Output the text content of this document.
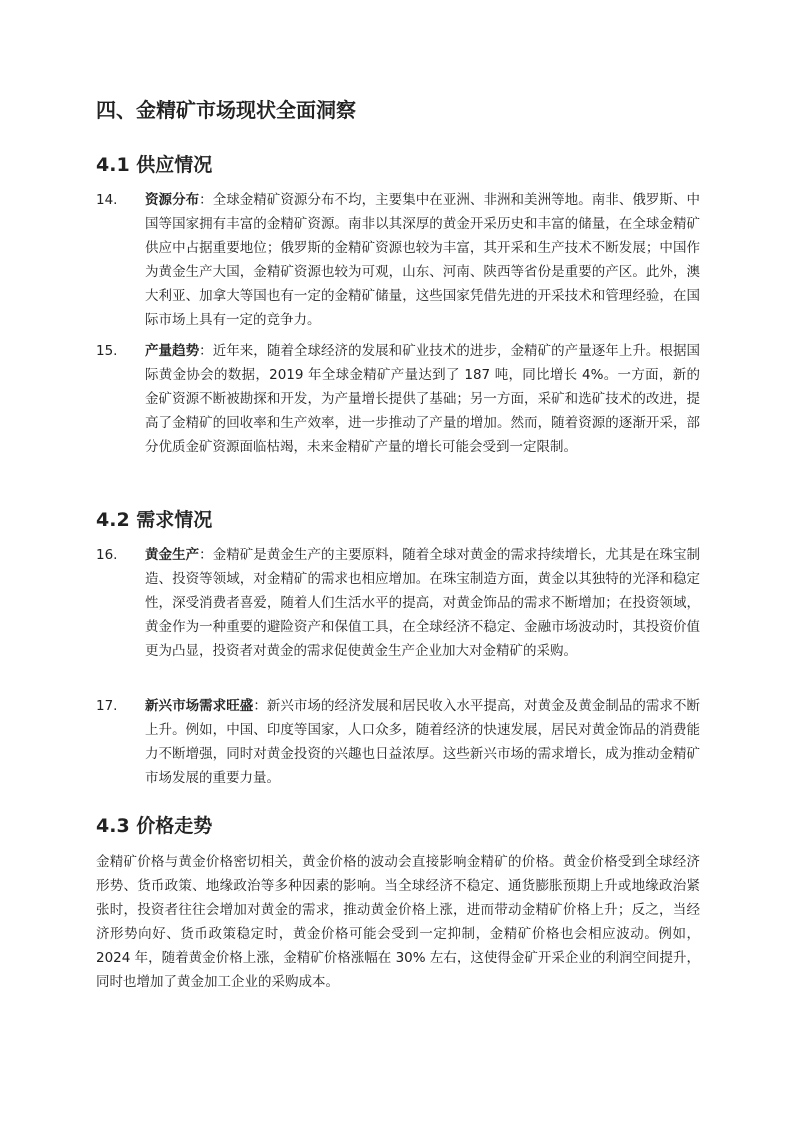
四、金精矿市场现状全面洞察
4.1 供应情况
14.	资源分布：全球金精矿资源分布不均，主要集中在亚洲、非洲和美洲等地。南非、俄罗斯、中国等国家拥有丰富的金精矿资源。南非以其深厚的黄金开采历史和丰富的储量，在全球金精矿供应中占据重要地位；俄罗斯的金精矿资源也较为丰富，其开采和生产技术不断发展；中国作为黄金生产大国，金精矿资源也较为可观，山东、河南、陕西等省份是重要的产区。此外，澳大利亚、加拿大等国也有一定的金精矿储量，这些国家凭借先进的开采技术和管理经验，在国际市场上具有一定的竞争力。
15.	产量趋势：近年来，随着全球经济的发展和矿业技术的进步，金精矿的产量逐年上升。根据国际黄金协会的数据，2019 年全球金精矿产量达到了 187 吨，同比增长 4%。一方面，新的金矿资源不断被勘探和开发，为产量增长提供了基础；另一方面，采矿和选矿技术的改进，提高了金精矿的回收率和生产效率，进一步推动了产量的增加。然而，随着资源的逐渐开采，部分优质金矿资源面临枯竭，未来金精矿产量的增长可能会受到一定限制。
4.2 需求情况
16.	黄金生产：金精矿是黄金生产的主要原料，随着全球对黄金的需求持续增长，尤其是在珠宝制造、投资等领域，对金精矿的需求也相应增加。在珠宝制造方面，黄金以其独特的光泽和稳定性，深受消费者喜爱，随着人们生活水平的提高，对黄金饰品的需求不断增加；在投资领域，黄金作为一种重要的避险资产和保值工具，在全球经济不稳定、金融市场波动时，其投资价值更为凸显，投资者对黄金的需求促使黄金生产企业加大对金精矿的采购。
17.	新兴市场需求旺盛：新兴市场的经济发展和居民收入水平提高，对黄金及黄金制品的需求不断上升。例如，中国、印度等国家，人口众多，随着经济的快速发展，居民对黄金饰品的消费能力不断增强，同时对黄金投资的兴趣也日益浓厚。这些新兴市场的需求增长，成为推动金精矿市场发展的重要力量。
4.3 价格走势

金精矿价格与黄金价格密切相关，黄金价格的波动会直接影响金精矿的价格。黄金价格受到全球经济形势、货币政策、地缘政治等多种因素的影响。当全球经济不稳定、通货膨胀预期上升或地缘政治紧张时，投资者往往会增加对黄金的需求，推动黄金价格上涨，进而带动金精矿价格上升；反之，当经济形势向好、货币政策稳定时，黄金价格可能会受到一定抑制，金精矿价格也会相应波动。例如，2024 年，随着黄金价格上涨，金精矿价格涨幅在 30% 左右，这使得金矿开采企业的利润空间提升，同时也增加了黄金加工企业的采购成本。
